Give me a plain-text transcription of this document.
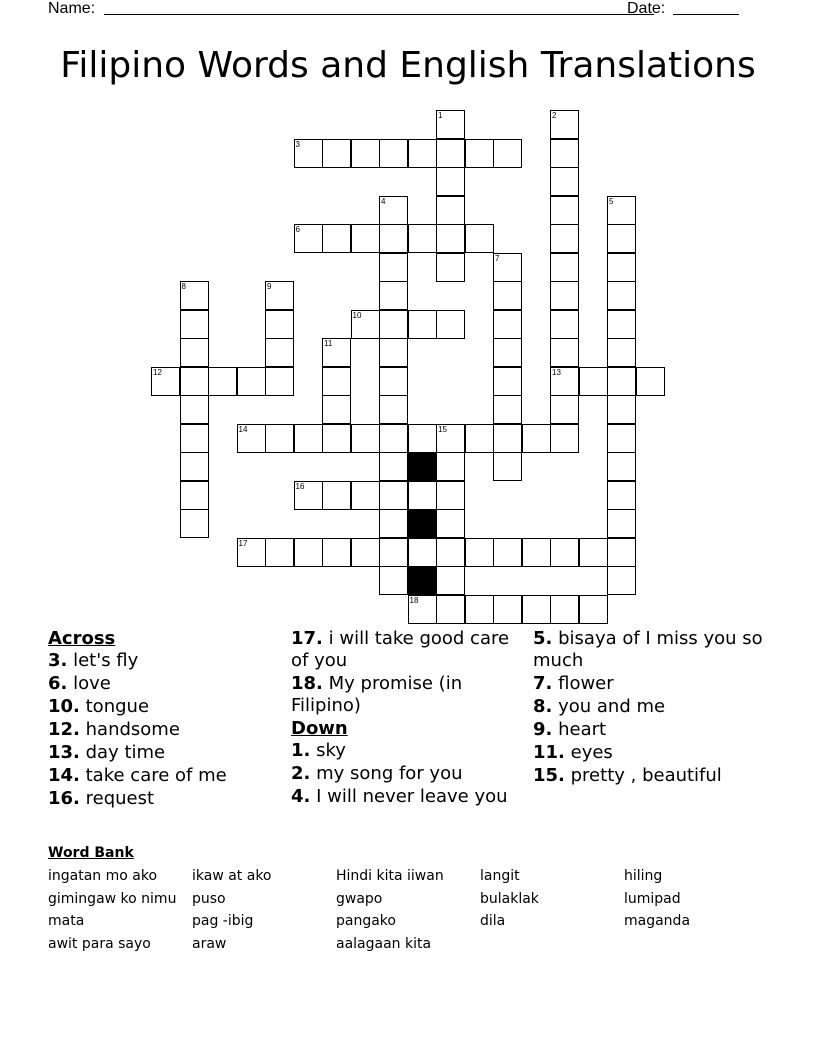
Name:	Date:
Filipino Words and English Translations
1	2
13
3
4	5
6
7
8	9
10
11
12
14	15
16
17
18
Across
3. let's fly
6. love
10. tongue
12. handsome
13. day time
14. take care of me
16. request
17. i will take good care of you
18. My promise (in Filipino)
Down
1. sky
2. my song for you
4. I will never leave you
5. bisaya of I miss you so much
7. flower
8. you and me
9. heart
11. eyes
15. pretty , beautiful
Word Bank
ingatan mo ako	ikaw at ako	Hindi kita iiwan	langit	hiling
gimingaw ko nimu	puso	gwapo	bulaklak	lumipad
mata	pag -ibig	pangako	dila	maganda
awit para sayo	araw	aalagaan kita
